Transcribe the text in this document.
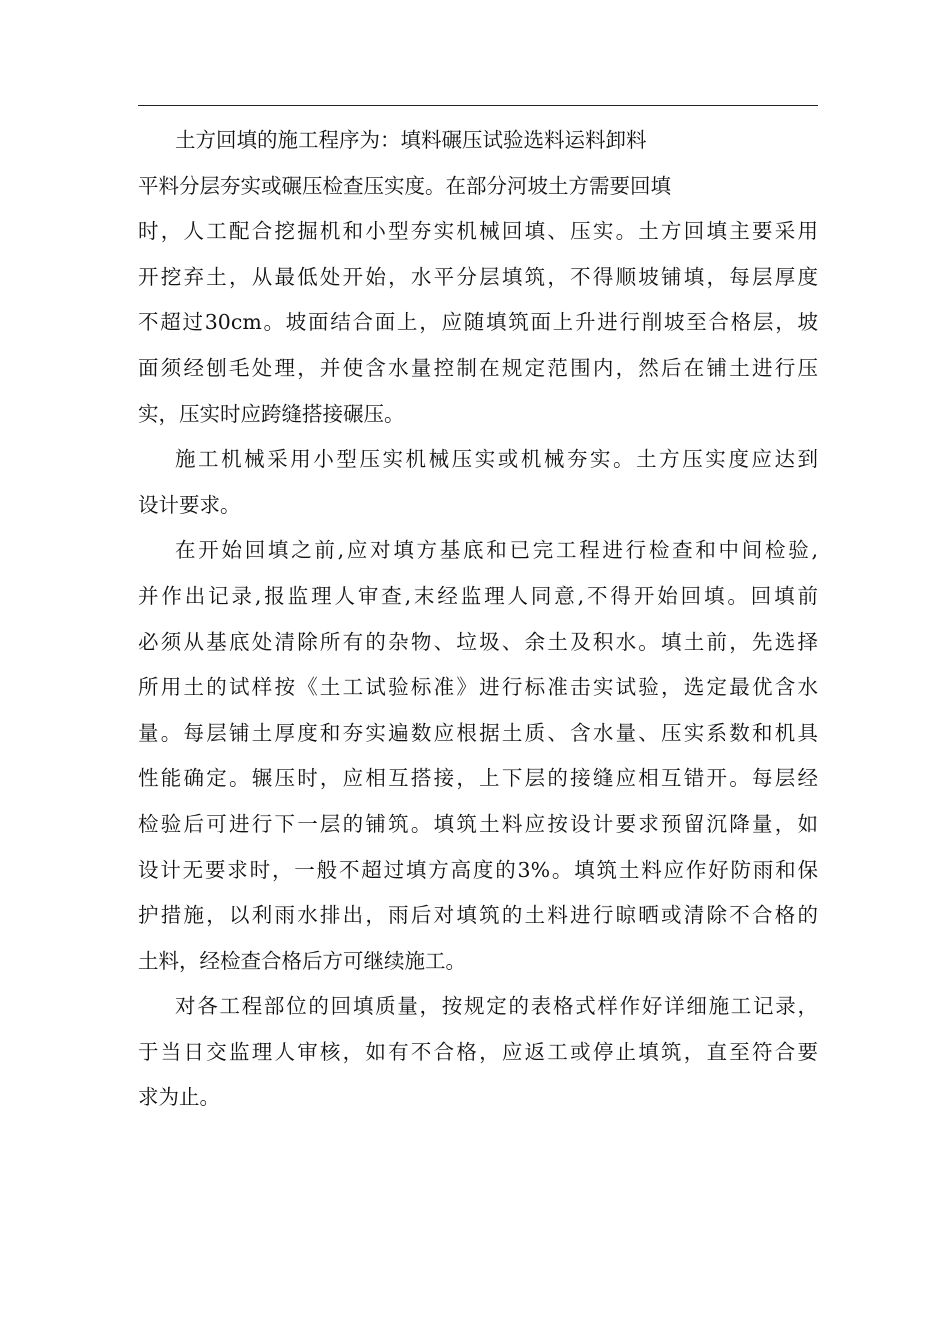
土方回填的施工程序为：填料碾压试验选料运料卸料
平料分层夯实或碾压检查压实度。在部分河坡土方需要回填
时，人工配合挖掘机和小型夯实机械回填、压实。土方回填主要采用
开挖弃土，从最低处开始，水平分层填筑，不得顺坡铺填，每层厚度
不超过30cm。坡面结合面上，应随填筑面上升进行削坡至合格层，坡
面须经刨毛处理，并使含水量控制在规定范围内，然后在铺土进行压
实，压实时应跨缝搭接碾压。
施工机械采用小型压实机械压实或机械夯实。土方压实度应达到
设计要求。
在开始回填之前,应对填方基底和已完工程进行检查和中间检验,
并作出记录,报监理人审查,末经监理人同意,不得开始回填。回填前
必须从基底处清除所有的杂物、垃圾、余土及积水。填土前，先选择
所用土的试样按《土工试验标准》进行标准击实试验，选定最优含水
量。每层铺土厚度和夯实遍数应根据土质、含水量、压实系数和机具
性能确定。辗压时，应相互搭接，上下层的接缝应相互错开。每层经
检验后可进行下一层的铺筑。填筑土料应按设计要求预留沉降量，如
设计无要求时，一般不超过填方高度的3%。填筑土料应作好防雨和保
护措施，以利雨水排出，雨后对填筑的土料进行晾晒或清除不合格的
土料，经检查合格后方可继续施工。
对各工程部位的回填质量，按规定的表格式样作好详细施工记录，
于当日交监理人审核，如有不合格，应返工或停止填筑，直至符合要
求为止。
